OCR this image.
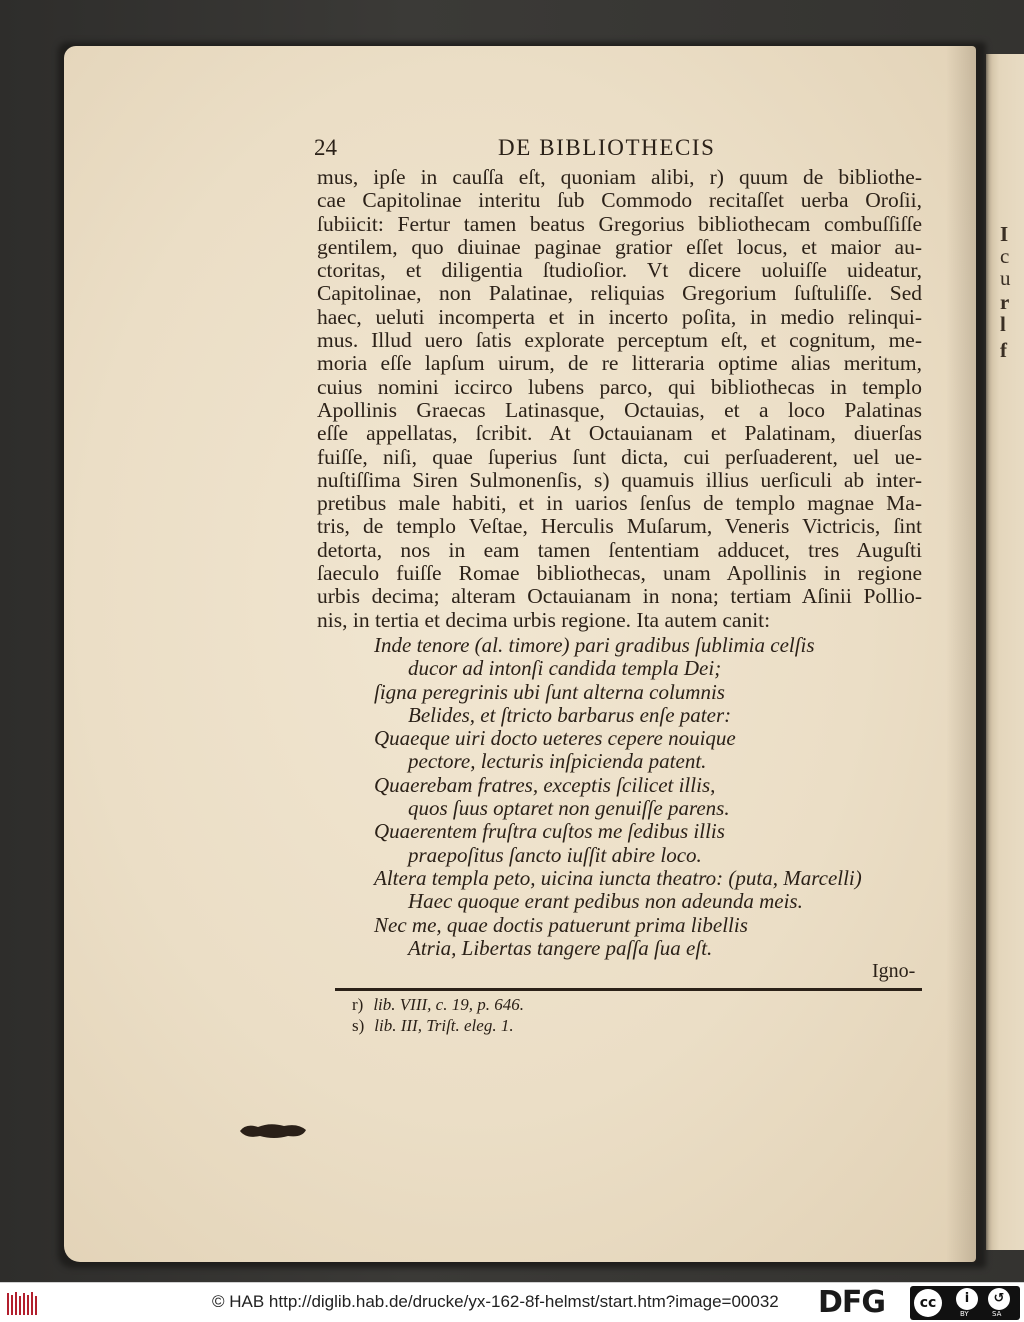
I
c
u
r
l
f
24	DE BIBLIOTHECIS
mus, ipſe in cauſſa eſt, quoniam alibi, r) quum de bibliothe-
cae Capitolinae interitu ſub Commodo recitaſſet uerba Oroſii,
ſubiicit: Fertur tamen beatus Gregorius bibliothecam combuſſiſſe
gentilem, quo diuinae paginae gratior eſſet locus, et maior au-
ctoritas, et diligentia ſtudioſior. Vt dicere uoluiſſe uideatur,
Capitolinae, non Palatinae, reliquias Gregorium ſuſtuliſſe. Sed
haec, ueluti incomperta et in incerto poſita, in medio relinqui-
mus. Illud uero ſatis explorate perceptum eſt, et cognitum, me-
moria eſſe lapſum uirum, de re litteraria optime alias meritum,
cuius nomini iccirco lubens parco, qui bibliothecas in templo
Apollinis Graecas Latinasque, Octauias, et a loco Palatinas
eſſe appellatas, ſcribit. At Octauianam et Palatinam, diuerſas
fuiſſe, niſi, quae ſuperius ſunt dicta, cui perſuaderent, uel ue-
nuſtiſſima Siren Sulmonenſis, s) quamuis illius uerſiculi ab inter-
pretibus male habiti, et in uarios ſenſus de templo magnae Ma-
tris, de templo Veſtae, Herculis Muſarum, Veneris Victricis, ſint
detorta, nos in eam tamen ſententiam adducet, tres Auguſti
ſaeculo fuiſſe Romae bibliothecas, unam Apollinis in regione
urbis decima; alteram Octauianam in nona; tertiam Aſinii Pollio-
nis, in tertia et decima urbis regione. Ita autem canit:
Inde tenore (al. timore) pari gradibus ſublimia celſis
ducor ad intonſi candida templa Dei;
ſigna peregrinis ubi ſunt alterna columnis
Belides, et ſtricto barbarus enſe pater:
Quaeque uiri docto ueteres cepere nouique
pectore, lecturis inſpicienda patent.
Quaerebam fratres, exceptis ſcilicet illis,
quos ſuus optaret non genuiſſe parens.
Quaerentem fruſtra cuſtos me ſedibus illis
praepoſitus ſancto iuſſit abire loco.
Altera templa peto, uicina iuncta theatro: (puta, Marcelli)
Haec quoque erant pedibus non adeunda meis.
Nec me, quae doctis patuerunt prima libellis
Atria, Libertas tangere paſſa ſua eſt.
Igno-
r) lib. VIII, c. 19, p. 646.
s) lib. III, Triſt. eleg. 1.
© HAB http://diglib.hab.de/drucke/yx-162-8f-helmst/start.htm?image=00032 DFG	cc	i	↺
BY	SA
